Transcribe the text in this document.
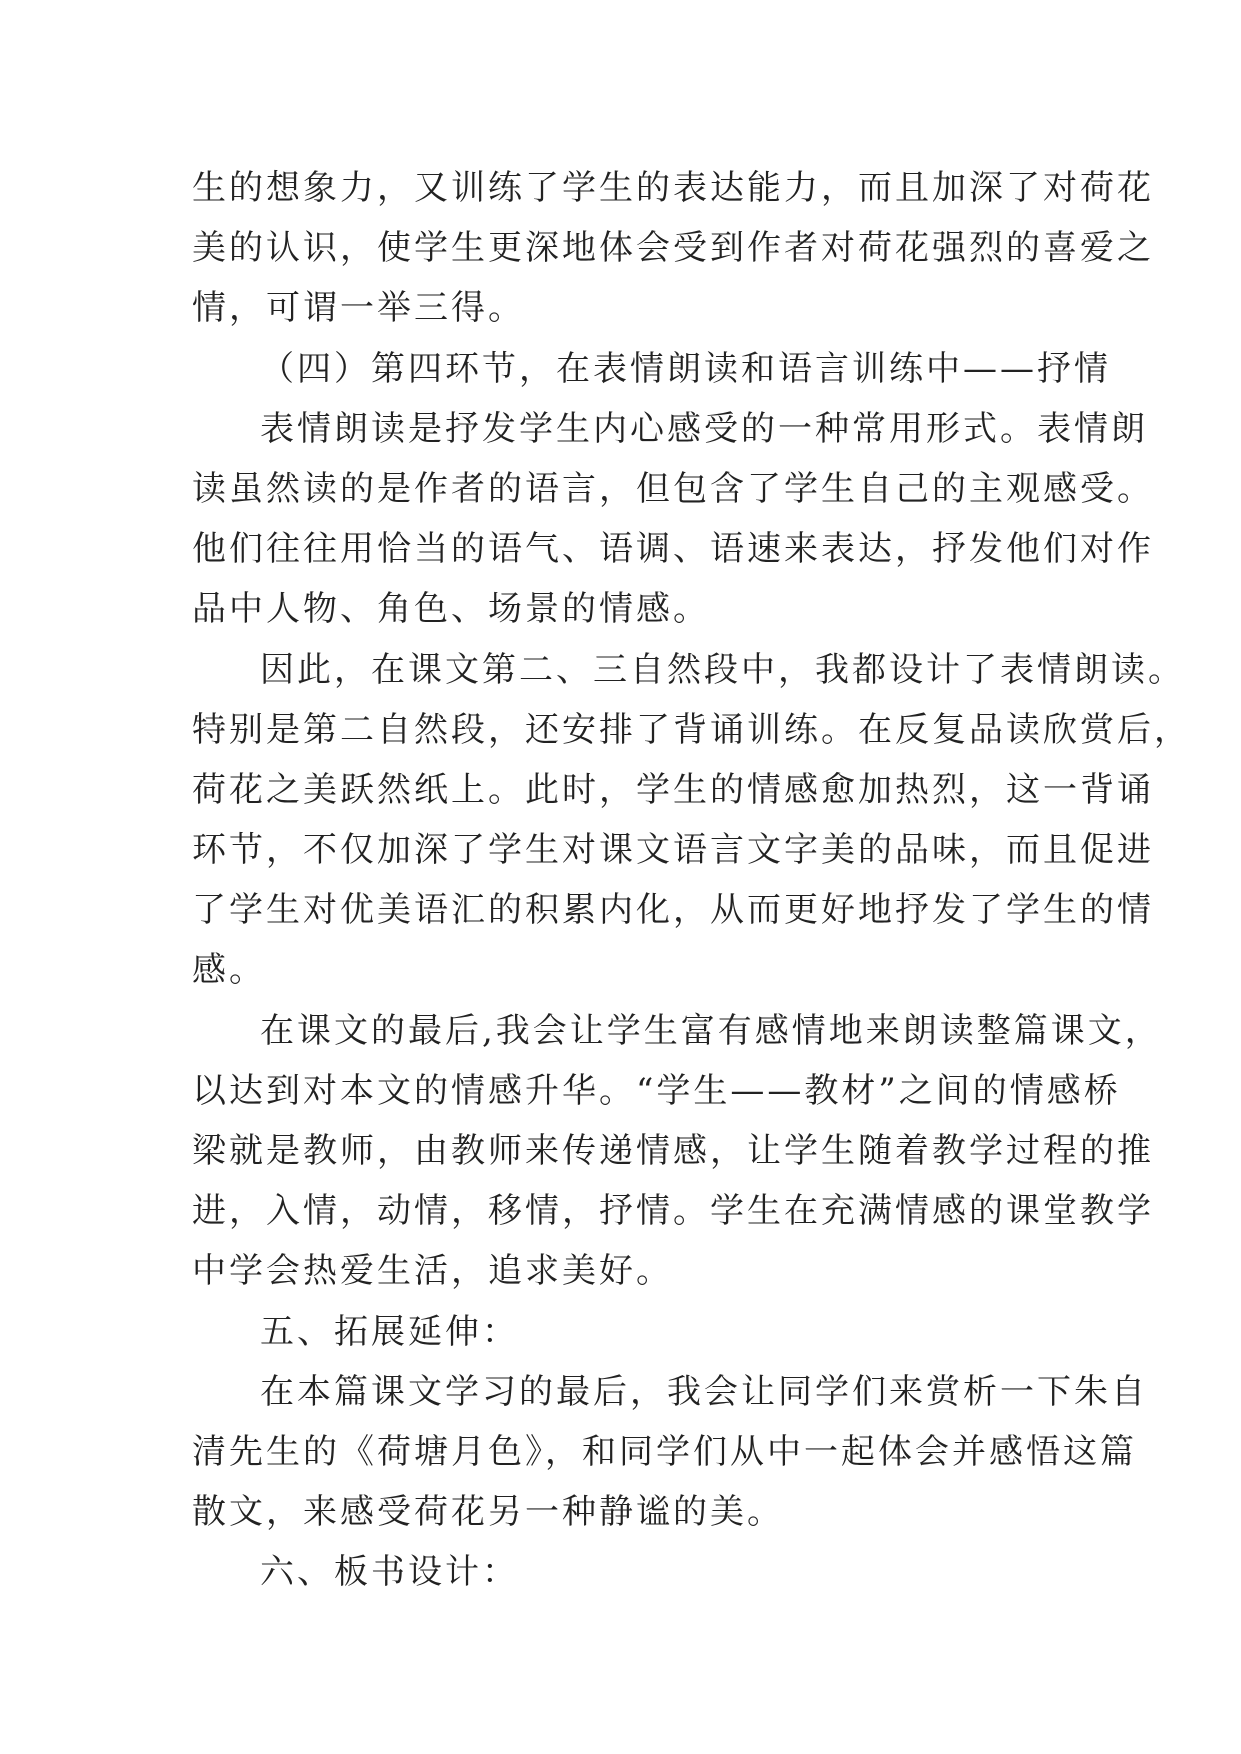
生的想象力，又训练了学生的表达能力，而且加深了对荷花
美的认识，使学生更深地体会受到作者对荷花强烈的喜爱之
情，可谓一举三得。
（四）第四环节，在表情朗读和语言训练中——抒情
表情朗读是抒发学生内心感受的一种常用形式。表情朗
读虽然读的是作者的语言，但包含了学生自己的主观感受。
他们往往用恰当的语气、语调、语速来表达，抒发他们对作
品中人物、角色、场景的情感。
因此，在课文第二、三自然段中，我都设计了表情朗读。
特别是第二自然段，还安排了背诵训练。在反复品读欣赏后，
荷花之美跃然纸上。此时，学生的情感愈加热烈，这一背诵
环节，不仅加深了学生对课文语言文字美的品味，而且促进
了学生对优美语汇的积累内化，从而更好地抒发了学生的情
感。
在课文的最后,我会让学生富有感情地来朗读整篇课文，
以达到对本文的情感升华。“学生——教材”之间的情感桥
梁就是教师，由教师来传递情感，让学生随着教学过程的推
进，入情，动情，移情，抒情。学生在充满情感的课堂教学
中学会热爱生活，追求美好。
五、拓展延伸：
在本篇课文学习的最后，我会让同学们来赏析一下朱自
清先生的《荷塘月色》，和同学们从中一起体会并感悟这篇
散文，来感受荷花另一种静谧的美。
六、板书设计：
